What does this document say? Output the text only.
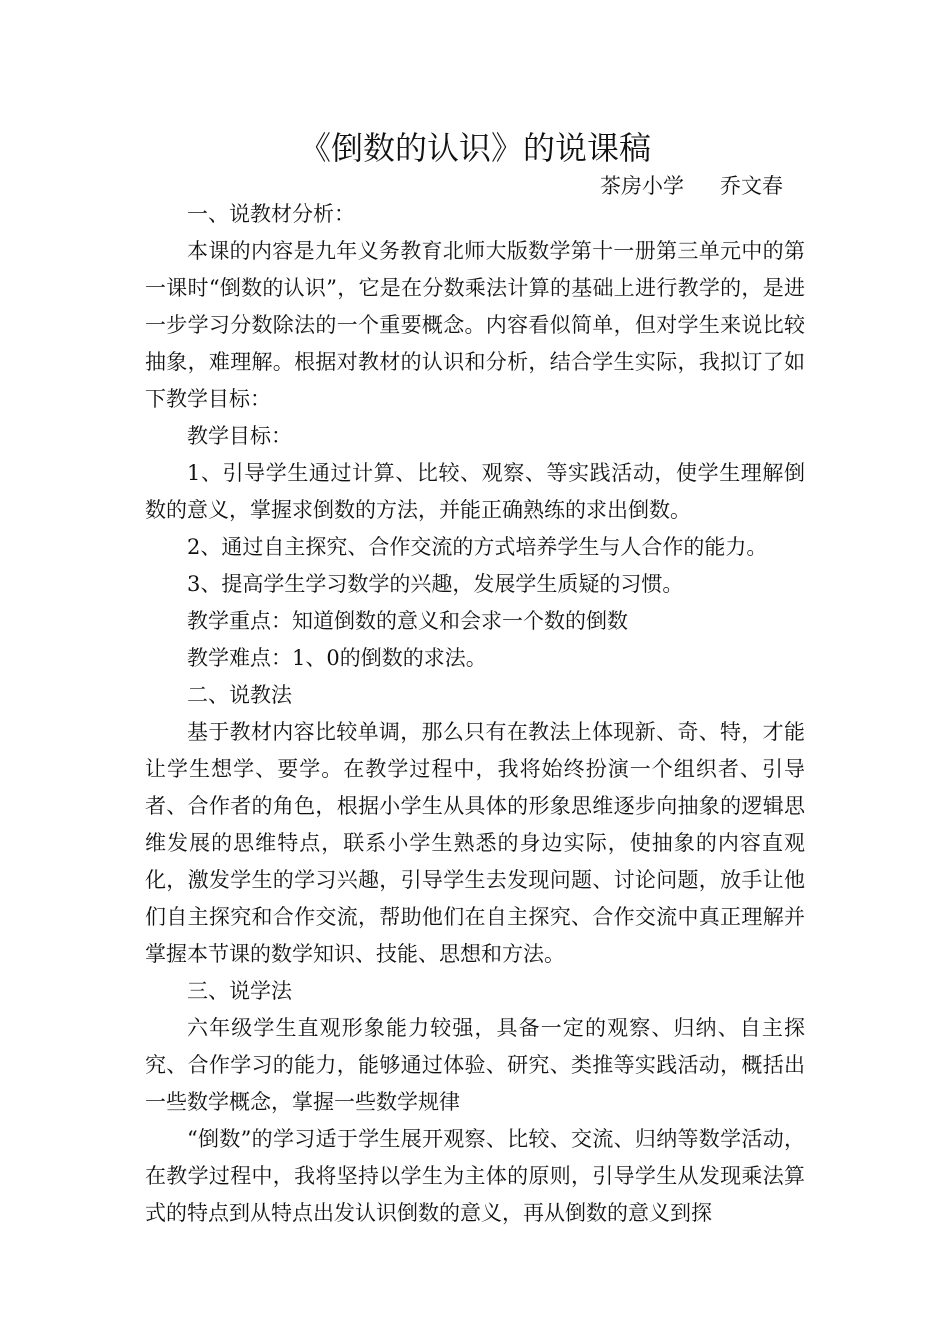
《倒数的认识》的说课稿
茶房小学 乔文春

一、说教材分析：

本课的内容是九年义务教育北师大版数学第十一册第三单元中的第一课时“倒数的认识”，它是在分数乘法计算的基础上进行教学的，是进一步学习分数除法的一个重要概念。内容看似简单，但对学生来说比较抽象，难理解。根据对教材的认识和分析，结合学生实际，我拟订了如下教学目标：

教学目标：

1、引导学生通过计算、比较、观察、等实践活动，使学生理解倒数的意义，掌握求倒数的方法，并能正确熟练的求出倒数。

2、通过自主探究、合作交流的方式培养学生与人合作的能力。

3、提高学生学习数学的兴趣，发展学生质疑的习惯。

教学重点：知道倒数的意义和会求一个数的倒数

教学难点：1、0的倒数的求法。

二、说教法

基于教材内容比较单调，那么只有在教法上体现新、奇、特，才能让学生想学、要学。在教学过程中，我将始终扮演一个组织者、引导者、合作者的角色，根据小学生从具体的形象思维逐步向抽象的逻辑思维发展的思维特点，联系小学生熟悉的身边实际，使抽象的内容直观化，激发学生的学习兴趣，引导学生去发现问题、讨论问题，放手让他们自主探究和合作交流，帮助他们在自主探究、合作交流中真正理解并掌握本节课的数学知识、技能、思想和方法。

三、说学法

六年级学生直观形象能力较强，具备一定的观察、归纳、自主探究、合作学习的能力，能够通过体验、研究、类推等实践活动，概括出一些数学概念，掌握一些数学规律

“倒数”的学习适于学生展开观察、比较、交流、归纳等数学活动，在教学过程中，我将坚持以学生为主体的原则，引导学生从发现乘法算式的特点到从特点出发认识倒数的意义，再从倒数的意义到探
